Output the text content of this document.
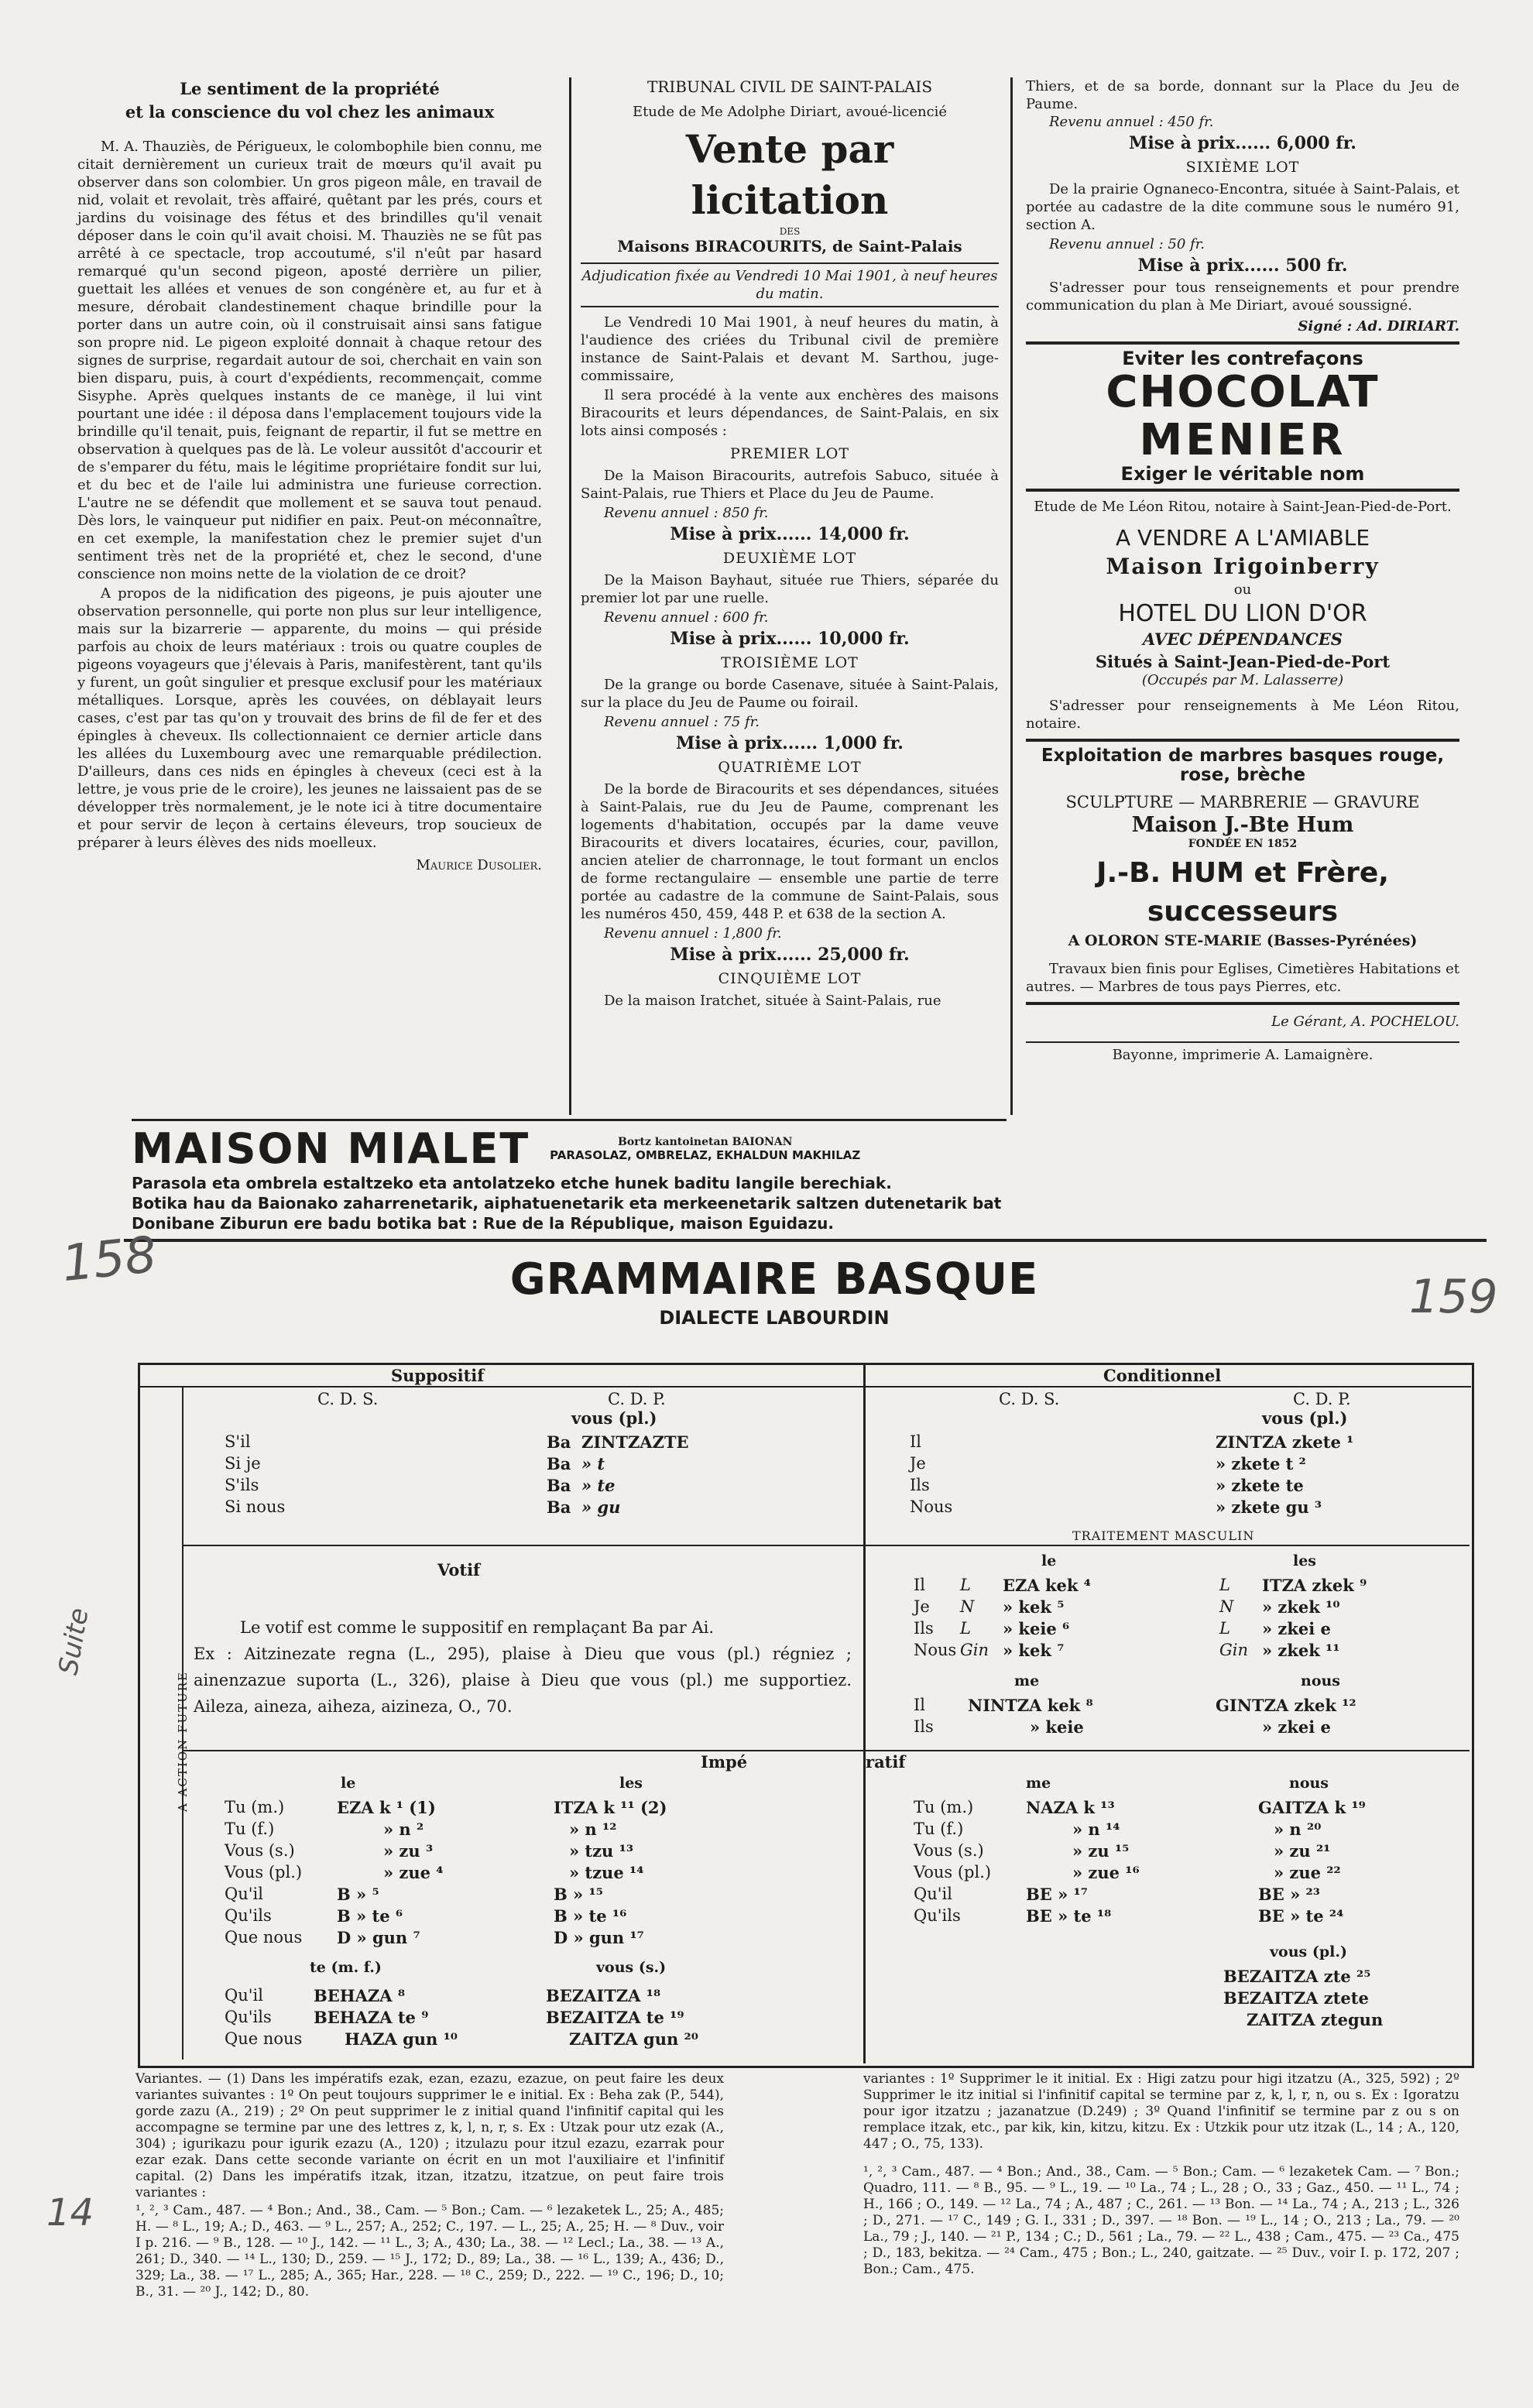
Le sentiment de la propriété
et la conscience du vol chez les animaux

M. A. Thauziès, de Périgueux, le colombophile bien connu, me citait dernièrement un curieux trait de mœurs qu'il avait pu observer dans son colombier. Un gros pigeon mâle, en travail de nid, volait et revolait, très affairé, quêtant par les prés, cours et jardins du voisinage des fétus et des brindilles qu'il venait déposer dans le coin qu'il avait choisi. M. Thauziès ne se fût pas arrêté à ce spectacle, trop accoutumé, s'il n'eût par hasard remarqué qu'un second pigeon, aposté derrière un pilier, guettait les allées et venues de son congénère et, au fur et à mesure, dérobait clandestinement chaque brindille pour la porter dans un autre coin, où il construisait ainsi sans fatigue son propre nid. Le pigeon exploité donnait à chaque retour des signes de surprise, regardait autour de soi, cherchait en vain son bien disparu, puis, à court d'expédients, recommençait, comme Sisyphe. Après quelques instants de ce manège, il lui vint pourtant une idée : il déposa dans l'emplacement toujours vide la brindille qu'il tenait, puis, feignant de repartir, il fut se mettre en observation à quelques pas de là. Le voleur aussitôt d'accourir et de s'emparer du fétu, mais le légitime propriétaire fondit sur lui, et du bec et de l'aile lui administra une furieuse correction. L'autre ne se défendit que mollement et se sauva tout penaud. Dès lors, le vainqueur put nidifier en paix. Peut-on méconnaître, en cet exemple, la manifestation chez le premier sujet d'un sentiment très net de la propriété et, chez le second, d'une conscience non moins nette de la violation de ce droit?

A propos de la nidification des pigeons, je puis ajouter une observation personnelle, qui porte non plus sur leur intelligence, mais sur la bizarrerie — apparente, du moins — qui préside parfois au choix de leurs matériaux : trois ou quatre couples de pigeons voyageurs que j'élevais à Paris, manifestèrent, tant qu'ils y furent, un goût singulier et presque exclusif pour les matériaux métalliques. Lorsque, après les couvées, on déblayait leurs cases, c'est par tas qu'on y trouvait des brins de fil de fer et des épingles à cheveux. Ils collectionnaient ce dernier article dans les allées du Luxembourg avec une remarquable prédilection. D'ailleurs, dans ces nids en épingles à cheveux (ceci est à la lettre, je vous prie de le croire), les jeunes ne laissaient pas de se développer très normalement, je le note ici à titre documentaire et pour servir de leçon à certains éleveurs, trop soucieux de préparer à leurs élèves des nids moelleux.

Maurice Dusolier.
TRIBUNAL CIVIL DE SAINT-PALAIS
Etude de Me Adolphe Diriart, avoué-licencié
Vente par licitation
DES
Maisons BIRACOURITS, de Saint-Palais
Adjudication fixée au Vendredi 10 Mai 1901, à neuf heures du matin.

Le Vendredi 10 Mai 1901, à neuf heures du matin, à l'audience des criées du Tribunal civil de première instance de Saint-Palais et devant M. Sarthou, juge-commissaire,

Il sera procédé à la vente aux enchères des maisons Biracourits et leurs dépendances, de Saint-Palais, en six lots ainsi composés :

PREMIER LOT

De la Maison Biracourits, autrefois Sabuco, située à Saint-Palais, rue Thiers et Place du Jeu de Paume.

Revenu annuel : 850 fr.
Mise à prix...... 14,000 fr.
DEUXIÈME LOT

De la Maison Bayhaut, située rue Thiers, séparée du premier lot par une ruelle.

Revenu annuel : 600 fr.
Mise à prix...... 10,000 fr.
TROISIÈME LOT

De la grange ou borde Casenave, située à Saint-Palais, sur la place du Jeu de Paume ou foirail.

Revenu annuel : 75 fr.
Mise à prix...... 1,000 fr.
QUATRIÈME LOT

De la borde de Biracourits et ses dépendances, situées à Saint-Palais, rue du Jeu de Paume, comprenant les logements d'habitation, occupés par la dame veuve Biracourits et divers locataires, écuries, cour, pavillon, ancien atelier de charronnage, le tout formant un enclos de forme rectangulaire — ensemble une partie de terre portée au cadastre de la commune de Saint-Palais, sous les numéros 450, 459, 448 P. et 638 de la section A.

Revenu annuel : 1,800 fr.
Mise à prix...... 25,000 fr.
CINQUIÈME LOT

De la maison Iratchet, située à Saint-Palais, rue

Thiers, et de sa borde, donnant sur la Place du Jeu de Paume.
Revenu annuel : 450 fr.
Mise à prix...... 6,000 fr.
SIXIÈME LOT

De la prairie Ognaneco-Encontra, située à Saint-Palais, et portée au cadastre de la dite commune sous le numéro 91, section A.

Revenu annuel : 50 fr.
Mise à prix...... 500 fr.

S'adresser pour tous renseignements et pour prendre communication du plan à Me Diriart, avoué soussigné.

Signé : Ad. DIRIART.
Eviter les contrefaçons
CHOCOLAT
MENIER
Exiger le véritable nom
Etude de Me Léon Ritou, notaire à Saint-Jean-Pied-de-Port.
A VENDRE A L'AMIABLE
Maison Irigoinberry
ou
HOTEL DU LION D'OR
AVEC DÉPENDANCES
Situés à Saint-Jean-Pied-de-Port
(Occupés par M. Lalasserre)

S'adresser pour renseignements à Me Léon Ritou, notaire.

Exploitation de marbres basques rouge, rose, brèche
SCULPTURE — MARBRERIE — GRAVURE
Maison J.-Bte Hum
FONDÉE EN 1852
J.-B. HUM et Frère, successeurs
A OLORON STE-MARIE (Basses-Pyrénées)

Travaux bien finis pour Eglises, Cimetières Habitations et autres. — Marbres de tous pays Pierres, etc.

Le Gérant, A. POCHELOU.
Bayonne, imprimerie A. Lamaignère.
MAISON MIALET	Bortz kantoinetan BAIONAN
PARASOLAZ, OMBRELAZ, EKHALDUN MAKHILAZ
Parasola eta ombrela estaltzeko eta antolatzeko etche hunek baditu langile berechiak.
Botika hau da Baionako zaharrenetarik, aiphatuenetarik eta merkeenetarik saltzen dutenetarik bat
Donibane Ziburun ere badu botika bat : Rue de la République, maison Eguidazu.
GRAMMAIRE BASQUE
DIALECTE LABOURDIN
Suppositif	Conditionnel
C. D. S.	C. D. P.
vous (pl.)
C. D. S.	C. D. P.
vous (pl.)
S'il	Ba ZINTZAZTE
Si je	Ba » t
S'ils	Ba » te
Si nous	Ba » gu
Il	ZINTZA zkete ¹
Je	» zkete t ²
Ils	» zkete te
Nous	» zkete gu ³
TRAITEMENT MASCULIN
Votif
Le votif est comme le suppositif en remplaçant Ba par Ai.
Ex : Aitzinezate regna (L., 295), plaise à Dieu que vous (pl.) régniez ; ainenzazue suporta (L., 326), plaise à Dieu que vous (pl.) me supportiez. Aileza, aineza, aiheza, aizineza, O., 70.
A ACTION FUTURE
le	les
Il	L	EZA kek ⁴	L	ITZA zkek ⁹
Je	N	» kek ⁵	N	» zkek ¹⁰
Ils	L	» keie ⁶	L	» zkei e
Nous Gin » kek ⁷	Gin » zkek ¹¹
me	nous
Il	NINTZA kek ⁸	GINTZA zkek ¹²
Ils	» keie	» zkei e
Impé	ratif
le	les
Tu (m.)	EZA k ¹ (1)	ITZA k ¹¹ (2)
Tu (f.)	» n ²	» n ¹²
Vous (s.)	» zu ³	» tzu ¹³
Vous (pl.)	» zue ⁴	» tzue ¹⁴
Qu'il	B » ⁵	B » ¹⁵
Qu'ils	B » te ⁶	B » te ¹⁶
Que nous	D » gun ⁷	D » gun ¹⁷
te (m. f.)	vous (s.)
Qu'il	BEHAZA ⁸	BEZAITZA ¹⁸
Qu'ils	BEHAZA te ⁹	BEZAITZA te ¹⁹
Que nous	HAZA gun ¹⁰	ZAITZA gun ²⁰
me	nous
Tu (m.)	NAZA k ¹³	GAITZA k ¹⁹
Tu (f.)	» n ¹⁴	» n ²⁰
Vous (s.)	» zu ¹⁵	» zu ²¹
Vous (pl.)	» zue ¹⁶	» zue ²²
Qu'il	BE » ¹⁷	BE » ²³
Qu'ils	BE » te ¹⁸	BE » te ²⁴
vous (pl.)
BEZAITZA zte ²⁵
BEZAITZA ztete
ZAITZA ztegun
Variantes. — (1) Dans les impératifs ezak, ezan, ezazu, ezazue, on peut faire les deux variantes suivantes : 1º On peut toujours supprimer le e initial. Ex : Beha zak (P., 544), gorde zazu (A., 219) ; 2º On peut supprimer le z initial quand l'infinitif capital qui les accompagne se termine par une des lettres z, k, l, n, r, s. Ex : Utzak pour utz ezak (A., 304) ; igurikazu pour igurik ezazu (A., 120) ; itzulazu pour itzul ezazu, ezarrak pour ezar ezak. Dans cette seconde variante on écrit en un mot l'auxiliaire et l'infinitif capital. (2) Dans les impératifs itzak, itzan, itzatzu, itzatzue, on peut faire trois variantes :
¹, ², ³ Cam., 487. — ⁴ Bon.; And., 38., Cam. — ⁵ Bon.; Cam. — ⁶ lezaketek L., 25; A., 485; H. — ⁸ L., 19; A.; D., 463. — ⁹ L., 257; A., 252; C., 197. — L., 25; A., 25; H. — ⁸ Duv., voir I p. 216. — ⁹ B., 128. — ¹⁰ J., 142. — ¹¹ L., 3; A., 430; La., 38. — ¹² Lecl.; La., 38. — ¹³ A., 261; D., 340. — ¹⁴ L., 130; D., 259. — ¹⁵ J., 172; D., 89; La., 38. — ¹⁶ L., 139; A., 436; D., 329; La., 38. — ¹⁷ L., 285; A., 365; Har., 228. — ¹⁸ C., 259; D., 222. — ¹⁹ C., 196; D., 10; B., 31. — ²⁰ J., 142; D., 80.
variantes : 1º Supprimer le it initial. Ex : Higi zatzu pour higi itzatzu (A., 325, 592) ; 2º Supprimer le itz initial si l'infinitif capital se termine par z, k, l, r, n, ou s. Ex : Igoratzu pour igor itzatzu ; jazanatzue (D.249) ; 3º Quand l'infinitif se termine par z ou s on remplace itzak, etc., par kik, kin, kitzu, kitzu. Ex : Utzkik pour utz itzak (L., 14 ; A., 120, 447 ; O., 75, 133).
¹, ², ³ Cam., 487. — ⁴ Bon.; And., 38., Cam. — ⁵ Bon.; Cam. — ⁶ lezaketek Cam. — ⁷ Bon.; Quadro, 111. — ⁸ B., 95. — ⁹ L., 19. — ¹⁰ La., 74 ; L., 28 ; O., 33 ; Gaz., 450. — ¹¹ L., 74 ; H., 166 ; O., 149. — ¹² La., 74 ; A., 487 ; C., 261. — ¹³ Bon. — ¹⁴ La., 74 ; A., 213 ; L., 326 ; D., 271. — ¹⁷ C., 149 ; G. I., 331 ; D., 397. — ¹⁸ Bon. — ¹⁹ L., 14 ; O., 213 ; La., 79. — ²⁰ La., 79 ; J., 140. — ²¹ P., 134 ; C.; D., 561 ; La., 79. — ²² L., 438 ; Cam., 475. — ²³ Ca., 475 ; D., 183, bekitza. — ²⁴ Cam., 475 ; Bon.; L., 240, gaitzate. — ²⁵ Duv., voir I. p. 172, 207 ; Bon.; Cam., 475.
158
159
Suite
14
